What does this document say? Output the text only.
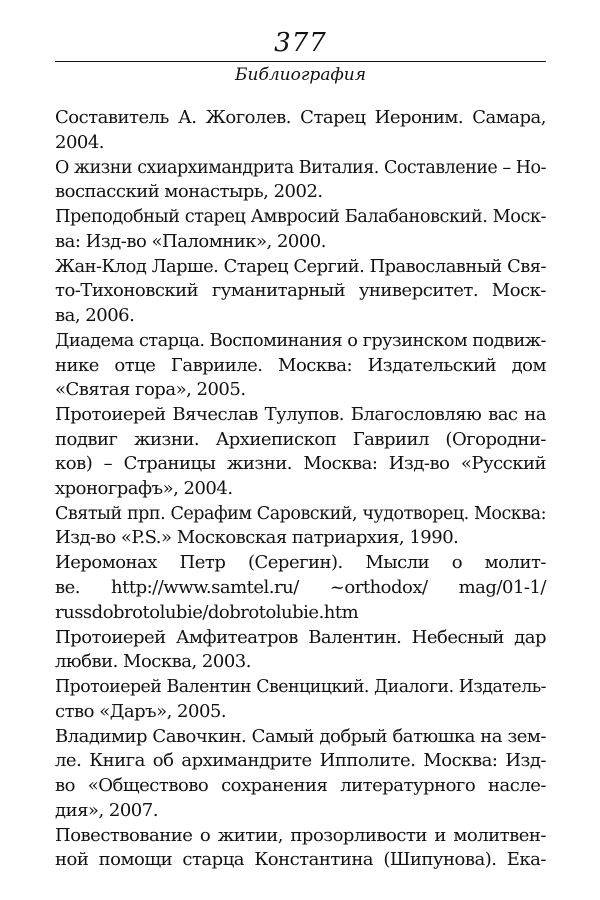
377
Библиография
Составитель А. Жоголев. Старец Иероним. Самара,
2004.
О жизни схиархимандрита Виталия. Составление – Но-
воспасский монастырь, 2002.
Преподобный старец Амвросий Балабановский. Моск-
ва: Изд-во «Паломник», 2000.
Жан-Клод Ларше. Старец Сергий. Православный Свя-
то-Тихоновский гуманитарный университет. Моск-
ва, 2006.
Диадема старца. Воспоминания о грузинском подвиж-
нике отце Гаврииле. Москва: Издательский дом
«Святая гора», 2005.
Протоиерей Вячеслав Тулупов. Благословляю вас на
подвиг жизни. Архиепископ Гавриил (Огородни-
ков) – Страницы жизни. Москва: Изд-во «Русский
хронографъ», 2004.
Святый прп. Серафим Саровский, чудотворец. Москва:
Изд-во «P.S.» Московская патриархия, 1990.
Иеромонах Петр (Серегин). Мысли о молит-
ве. http://www.samtel.ru/ ~orthodox/ mag/01-1/
russdobrotolubie/dobrotolubie.htm
Протоиерей Амфитеатров Валентин. Небесный дар
любви. Москва, 2003.
Протоиерей Валентин Свенцицкий. Диалоги. Издатель-
ство «Даръ», 2005.
Владимир Савочкин. Самый добрый батюшка на зем-
ле. Книга об архимандрите Ипполите. Москва: Изд-
во «Обществово сохранения литературного насле-
дия», 2007.
Повествование о житии, прозорливости и молитвен-
ной помощи старца Константина (Шипунова). Ека-
